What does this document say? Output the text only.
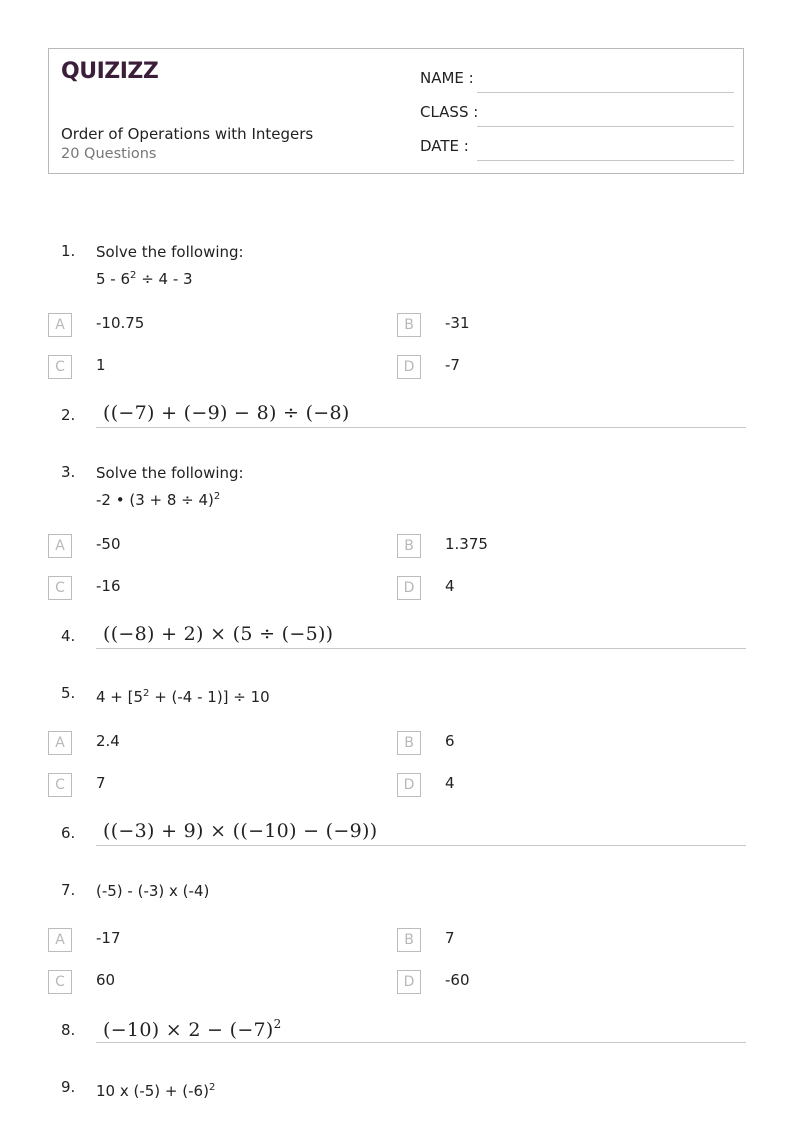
QUIZIZZ
Order of Operations with Integers
20 Questions
NAME :
CLASS :
DATE :
1. Solve the following:
$5 - 6^2 \div 4 - 3$
A	-10.75	B	-31
C	1	D	-7
2. ((−7) + (−9) − 8) ÷ (−8)
3. Solve the following:
-2 • $(3 + 8 \div 4)^2$
A	-50	B	1.375
C	-16	D	4
4. ((−8) + 2) × (5 ÷ (−5))
5. $4 + [5^2 + (-4 - 1)] \div 10$
A	2.4	B	6
C	7	D	4
6. ((−3) + 9) × ((−10) − (−9))
7. (-5) - (-3) x (-4)
A	-17	B	7
C	60	D	-60
8. $(-10) \times 2 - (-7)^2$
9. 10 x $(-5) + (-6)^2$
